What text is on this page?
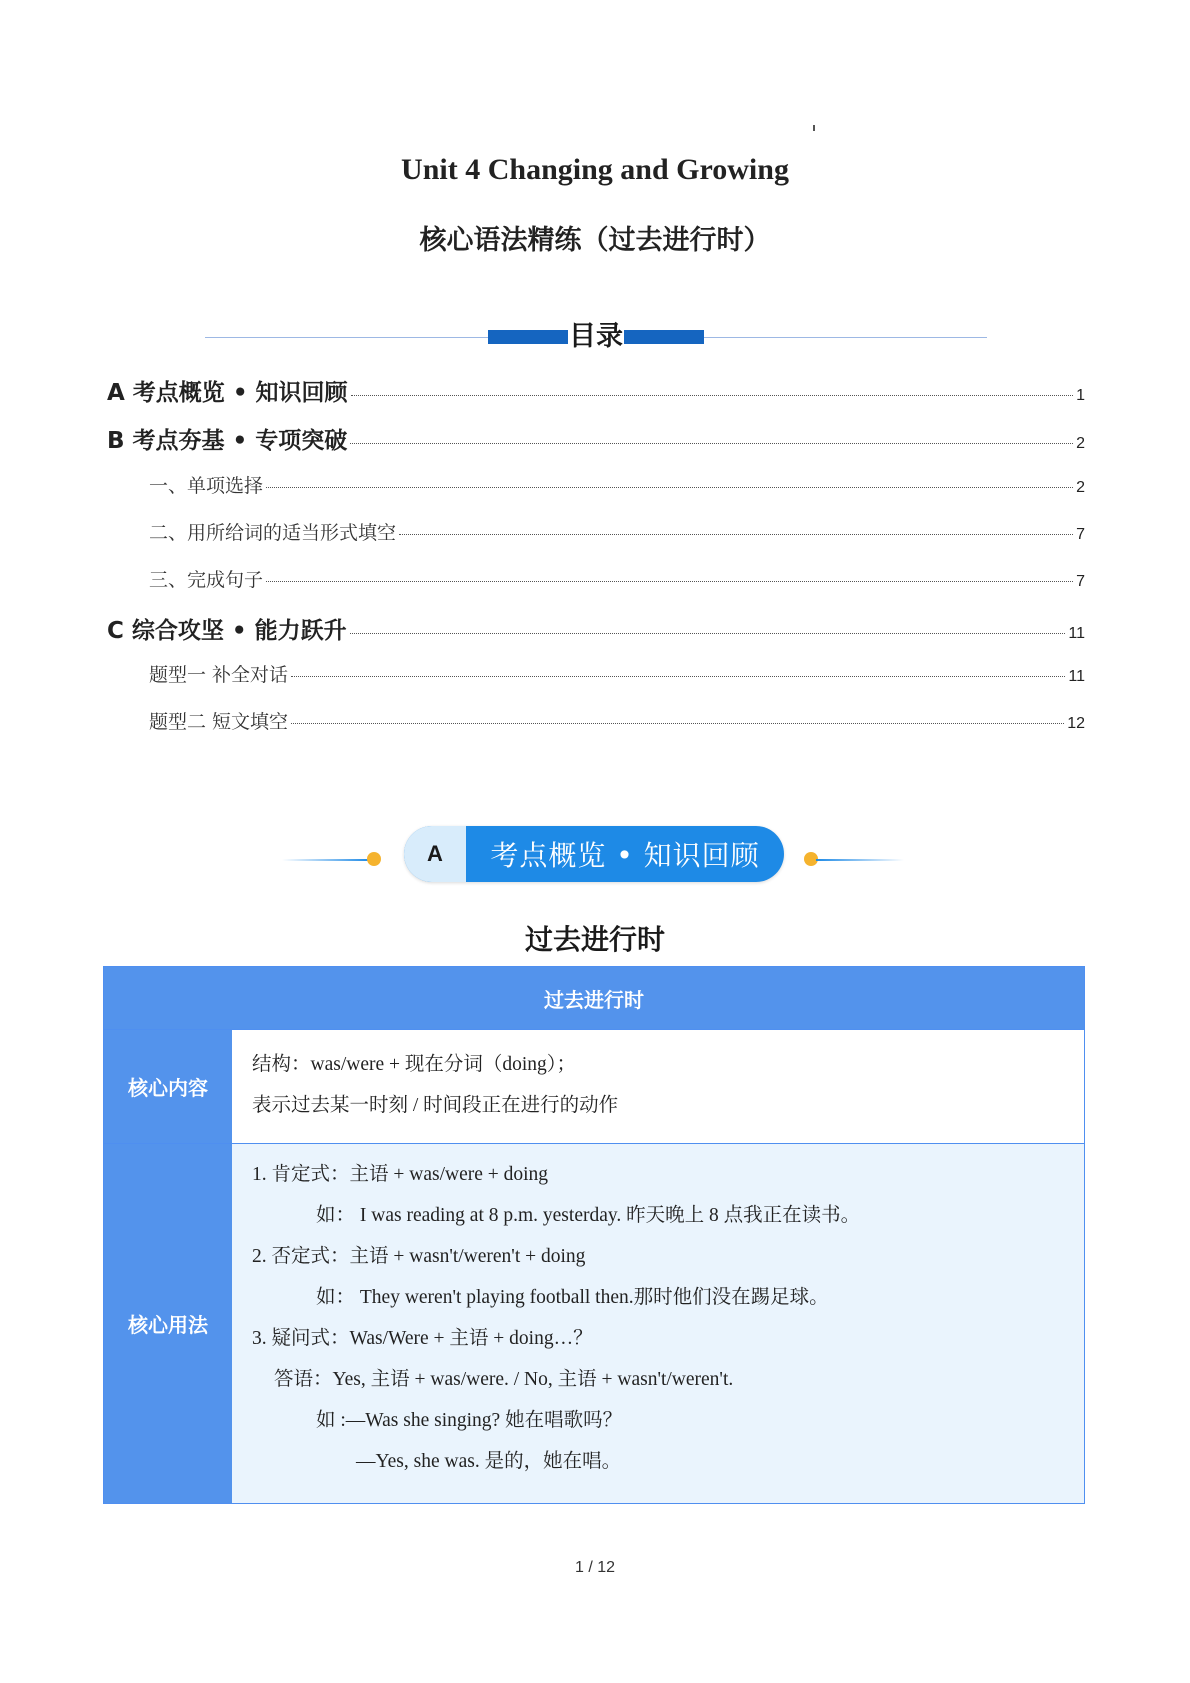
Unit 4 Changing and Growing
核心语法精练（过去进行时）
目录
A 考点概览 • 知识回顾	1
B 考点夯基 • 专项突破	2
一、单项选择	2
二、用所给词的适当形式填空	7
三、完成句子	7
C 综合攻坚 • 能力跃升	11
题型一 补全对话	11
题型二 短文填空	12
A	考点概览 • 知识回顾
过去进行时
过去进行时
核心内容
结构：was/were + 现在分词（doing）；
表示过去某一时刻 / 时间段正在进行的动作
核心用法
1. 肯定式：主语 + was/were + doing
如： I was reading at 8 p.m. yesterday. 昨天晚上 8 点我正在读书。
2. 否定式：主语 + wasn't/weren't + doing
如： They weren't playing football then.那时他们没在踢足球。
3. 疑问式：Was/Were + 主语 + doing…？
答语：Yes, 主语 + was/were. / No, 主语 + wasn't/weren't.
如 :—Was she singing? 她在唱歌吗？
—Yes, she was. 是的，她在唱。
1 / 12
